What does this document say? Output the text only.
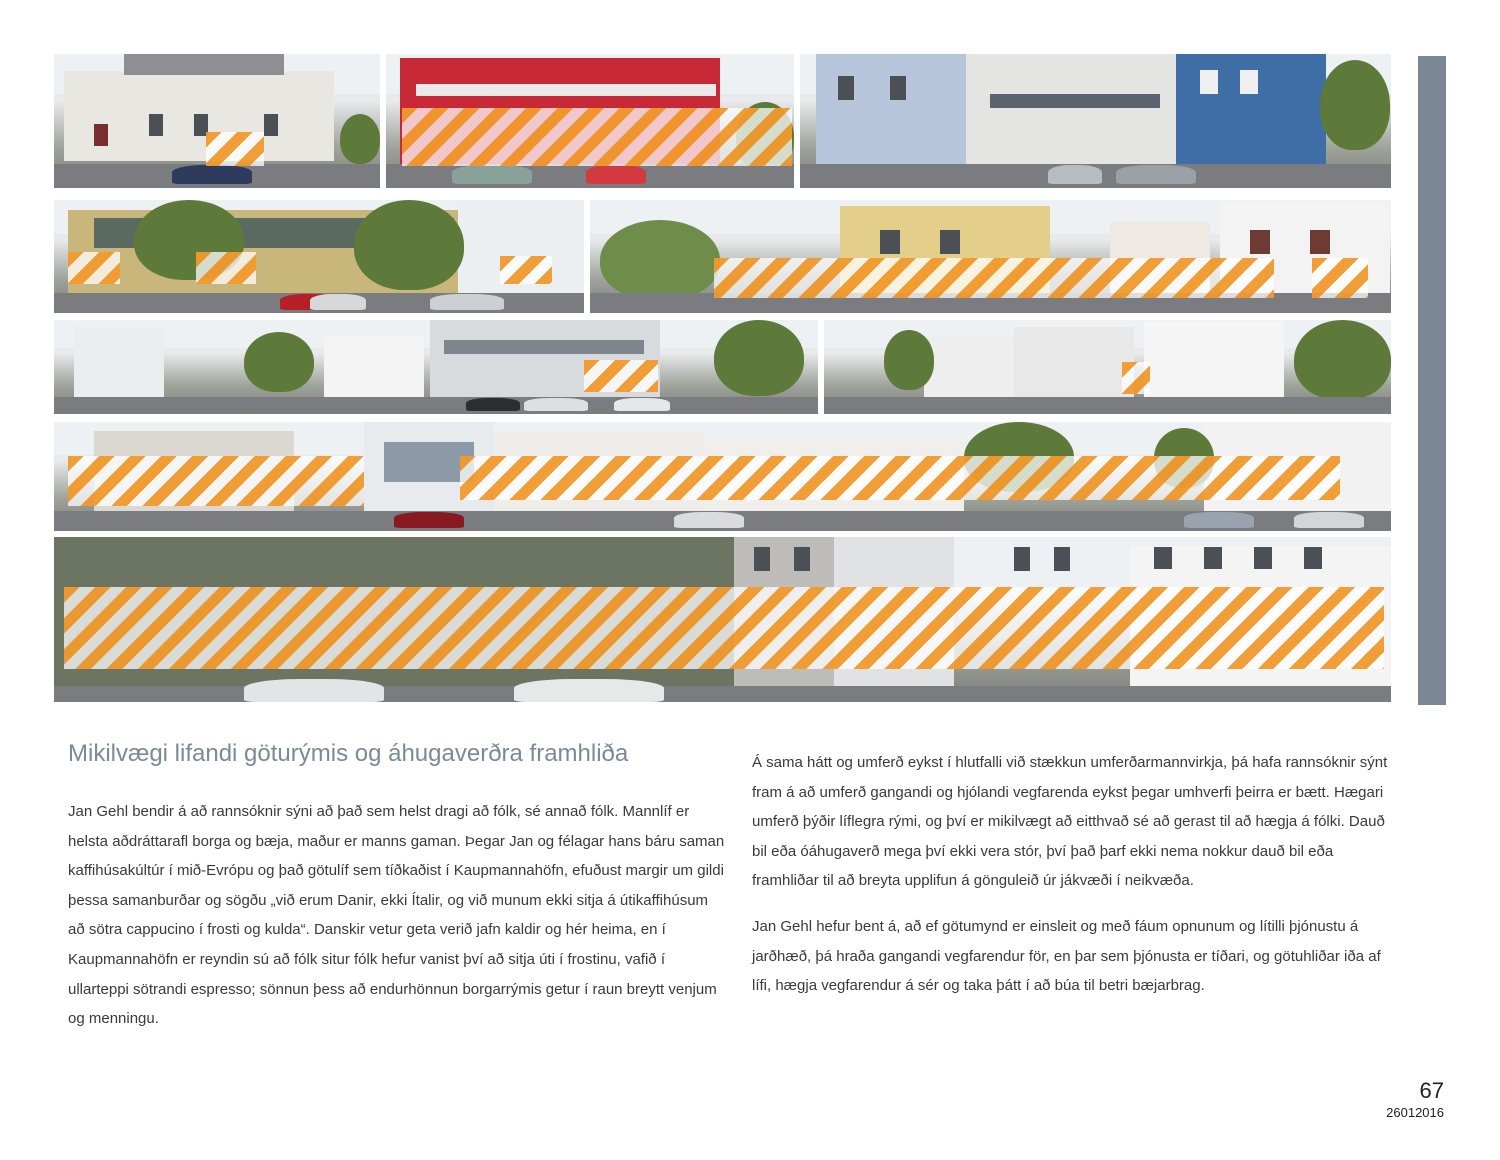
Mikilvægi lifandi göturýmis og áhugaverðra framhliða

Jan Gehl bendir á að rannsóknir sýni að það sem helst dragi að fólk, sé annað fólk. Mannlíf er helsta aðdráttarafl borga og bæja, maður er manns gaman. Þegar Jan og félagar hans báru saman kaffihúsakúltúr í mið-Evrópu og það götulíf sem tíðkaðist í Kaupmannahöfn, efuðust margir um gildi þessa samanburðar og sögðu „við erum Danir, ekki Ítalir, og við munum ekki sitja á útikaffihúsum að sötra cappucino í frosti og kulda“. Danskir vetur geta verið jafn kaldir og hér heima, en í Kaupmannahöfn er reyndin sú að fólk situr fólk hefur vanist því að sitja úti í frostinu, vafið í ullarteppi sötrandi espresso; sönnun þess að endurhönnun borgarrýmis getur í raun breytt venjum og menningu.

Á sama hátt og umferð eykst í hlutfalli við stækkun umferðarmannvirkja, þá hafa rannsóknir sýnt fram á að umferð gangandi og hjólandi vegfarenda eykst þegar umhverfi þeirra er bætt. Hægari umferð þýðir líflegra rými, og því er mikilvægt að eitthvað sé að gerast til að hægja á fólki. Dauð bil eða óáhugaverð mega því ekki vera stór, því það þarf ekki nema nokkur dauð bil eða framhliðar til að breyta upplifun á gönguleið úr jákvæði í neikvæða.

Jan Gehl hefur bent á, að ef götumynd er einsleit og með fáum opnunum og lítilli þjónustu á jarðhæð, þá hraða gangandi vegfarendur för, en þar sem þjónusta er tíðari, og götuhliðar iða af lífi, hægja vegfarendur á sér og taka þátt í að búa til betri bæjarbrag.

67
26012016
